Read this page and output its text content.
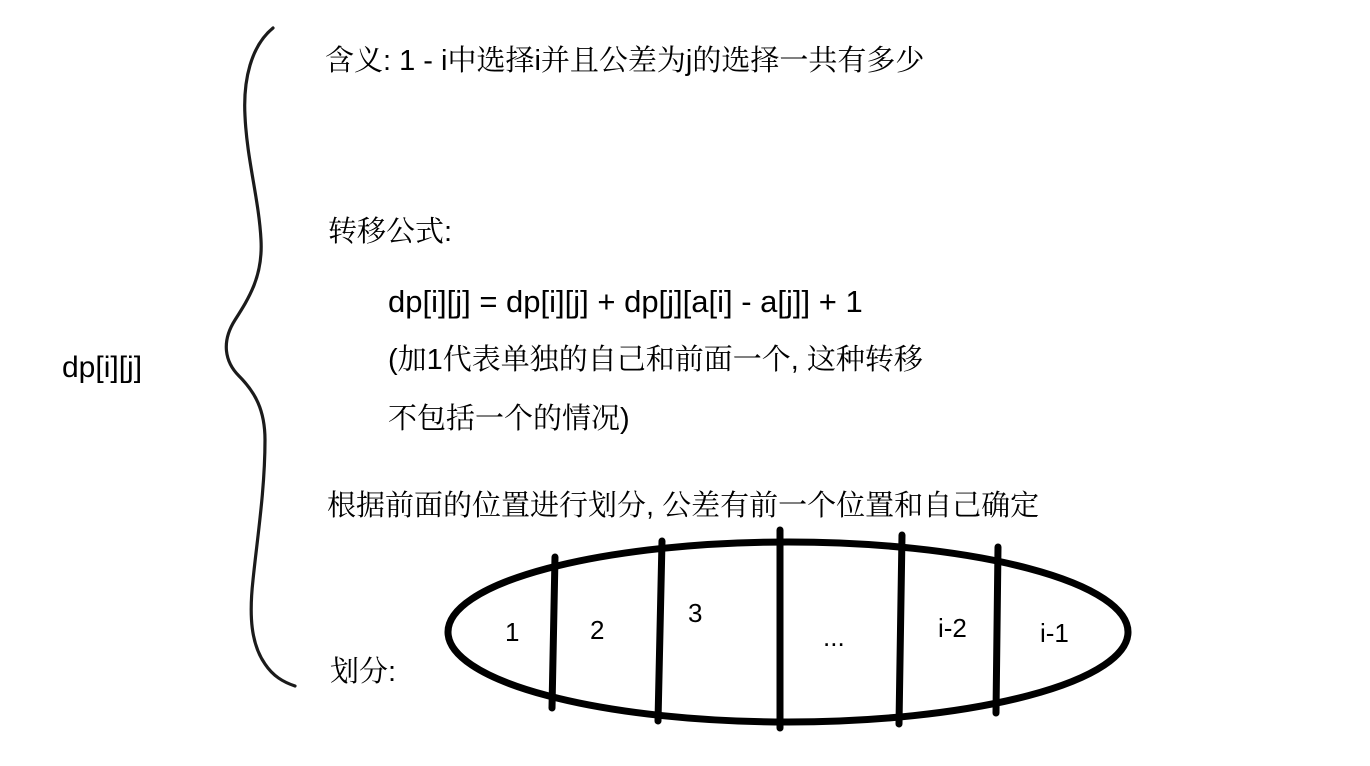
dp[i][j]
含义: 1 - i中选择i并且公差为j的选择一共有多少
转移公式:
dp[i][j] = dp[i][j] + dp[j][a[i] - a[j]] + 1
(加1代表单独的自己和前面一个, 这种转移
不包括一个的情况)
根据前面的位置进行划分, 公差有前一个位置和自己确定
划分:
1	2
3
...	i-2	i-1
